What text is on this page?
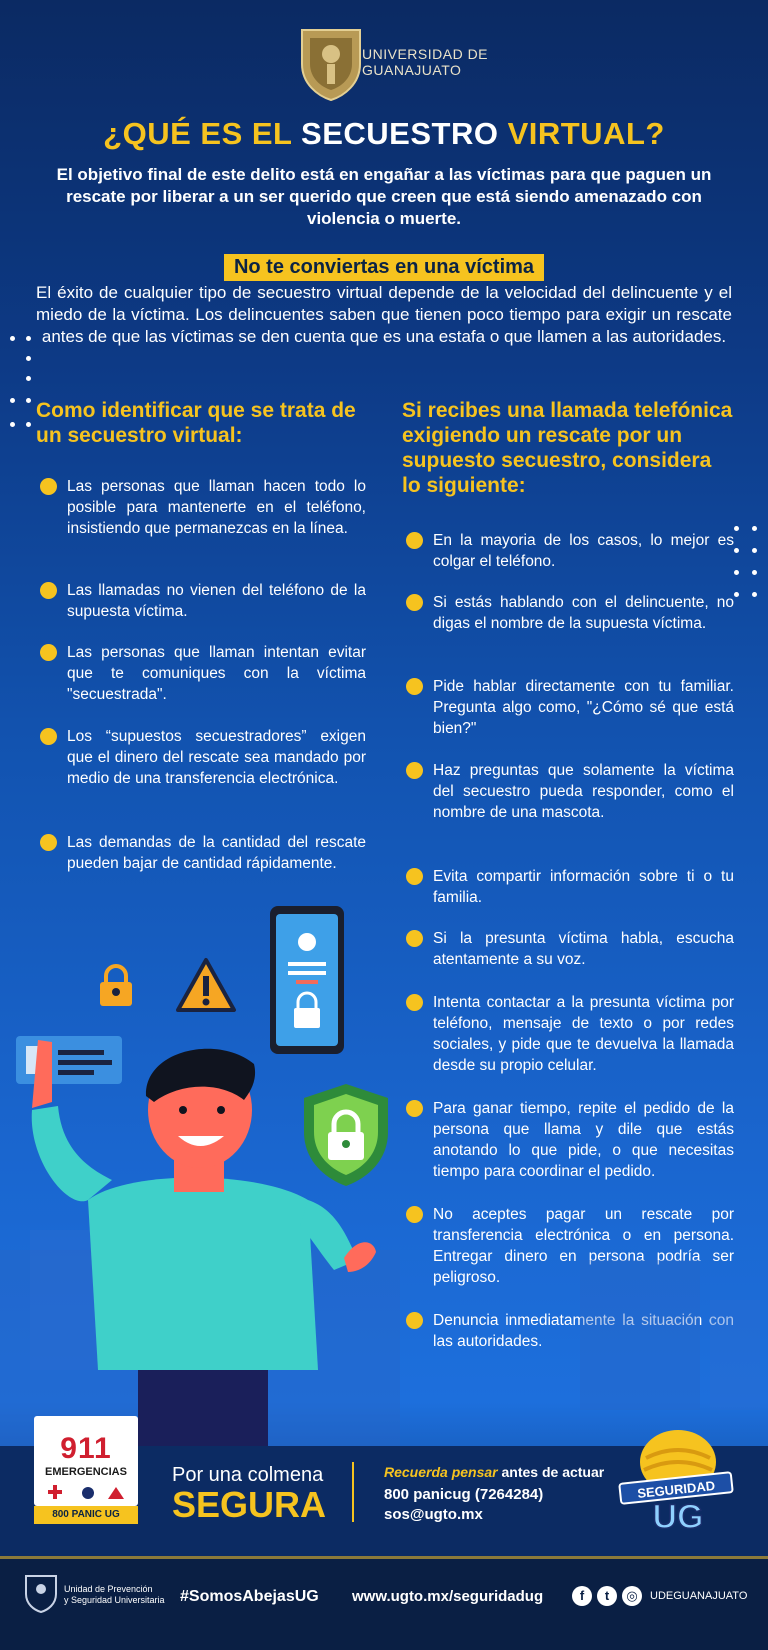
UNIVERSIDAD DE
GUANAJUATO
¿QUÉ ES EL SECUESTRO VIRTUAL?
El objetivo final de este delito está en engañar a las víctimas para que paguen un rescate por liberar a un ser querido que creen que está siendo amenazado con violencia o muerte.
No te conviertas en una víctima
El éxito de cualquier tipo de secuestro virtual depende de la velocidad del delincuente y el miedo de la víctima. Los delincuentes saben que tienen poco tiempo para exigir un rescate antes de que las víctimas se den cuenta que es una estafa o que llamen a las autoridades.
Como identificar que se trata de un secuestro virtual:
Las personas que llaman hacen todo lo posible para mantenerte en el teléfono, insistiendo que permanezcas en la línea.
Las llamadas no vienen del teléfono de la supuesta víctima.
Las personas que llaman intentan evitar que te comuniques con la víctima "secuestrada".
Los “supuestos secuestradores” exigen que el dinero del rescate sea mandado por medio de una transferencia electrónica.
Las demandas de la cantidad del rescate pueden bajar de cantidad rápidamente.
Si recibes una llamada telefónica exigiendo un rescate por un supuesto secuestro, considera lo siguiente:
En la mayoria de los casos, lo mejor es colgar el teléfono.
Si estás hablando con el delincuente, no digas el nombre de la supuesta víctima.
Pide hablar directamente con tu familiar. Pregunta algo como, "¿Cómo sé que está bien?"
Haz preguntas que solamente la víctima del secuestro pueda responder, como el nombre de una mascota.
Evita compartir información sobre ti o tu familia.
Si la presunta víctima habla, escucha atentamente a su voz.
Intenta contactar a la presunta víctima por teléfono, mensaje de texto o por redes sociales, y pide que te devuelva la llamada desde su propio celular.
Para ganar tiempo, repite el pedido de la persona que llama y dile que estás anotando lo que pide, o que necesitas tiempo para coordinar el pedido.
No aceptes pagar un rescate por transferencia electrónica o en persona. Entregar dinero en persona podría ser peligroso.
Denuncia inmediatamente la situación con las autoridades.
911
EMERGENCIAS
800 PANIC UG
Por una colmena
SEGURA
Recuerda pensar antes de actuar
800 panicug (7264284)
sos@ugto.mx
SEGURIDAD
UG
Unidad de Prevención
y Seguridad Universitaria #SomosAbejasUG www.ugto.mx/seguridadug	f	t	◎	UDEGUANAJUATO
